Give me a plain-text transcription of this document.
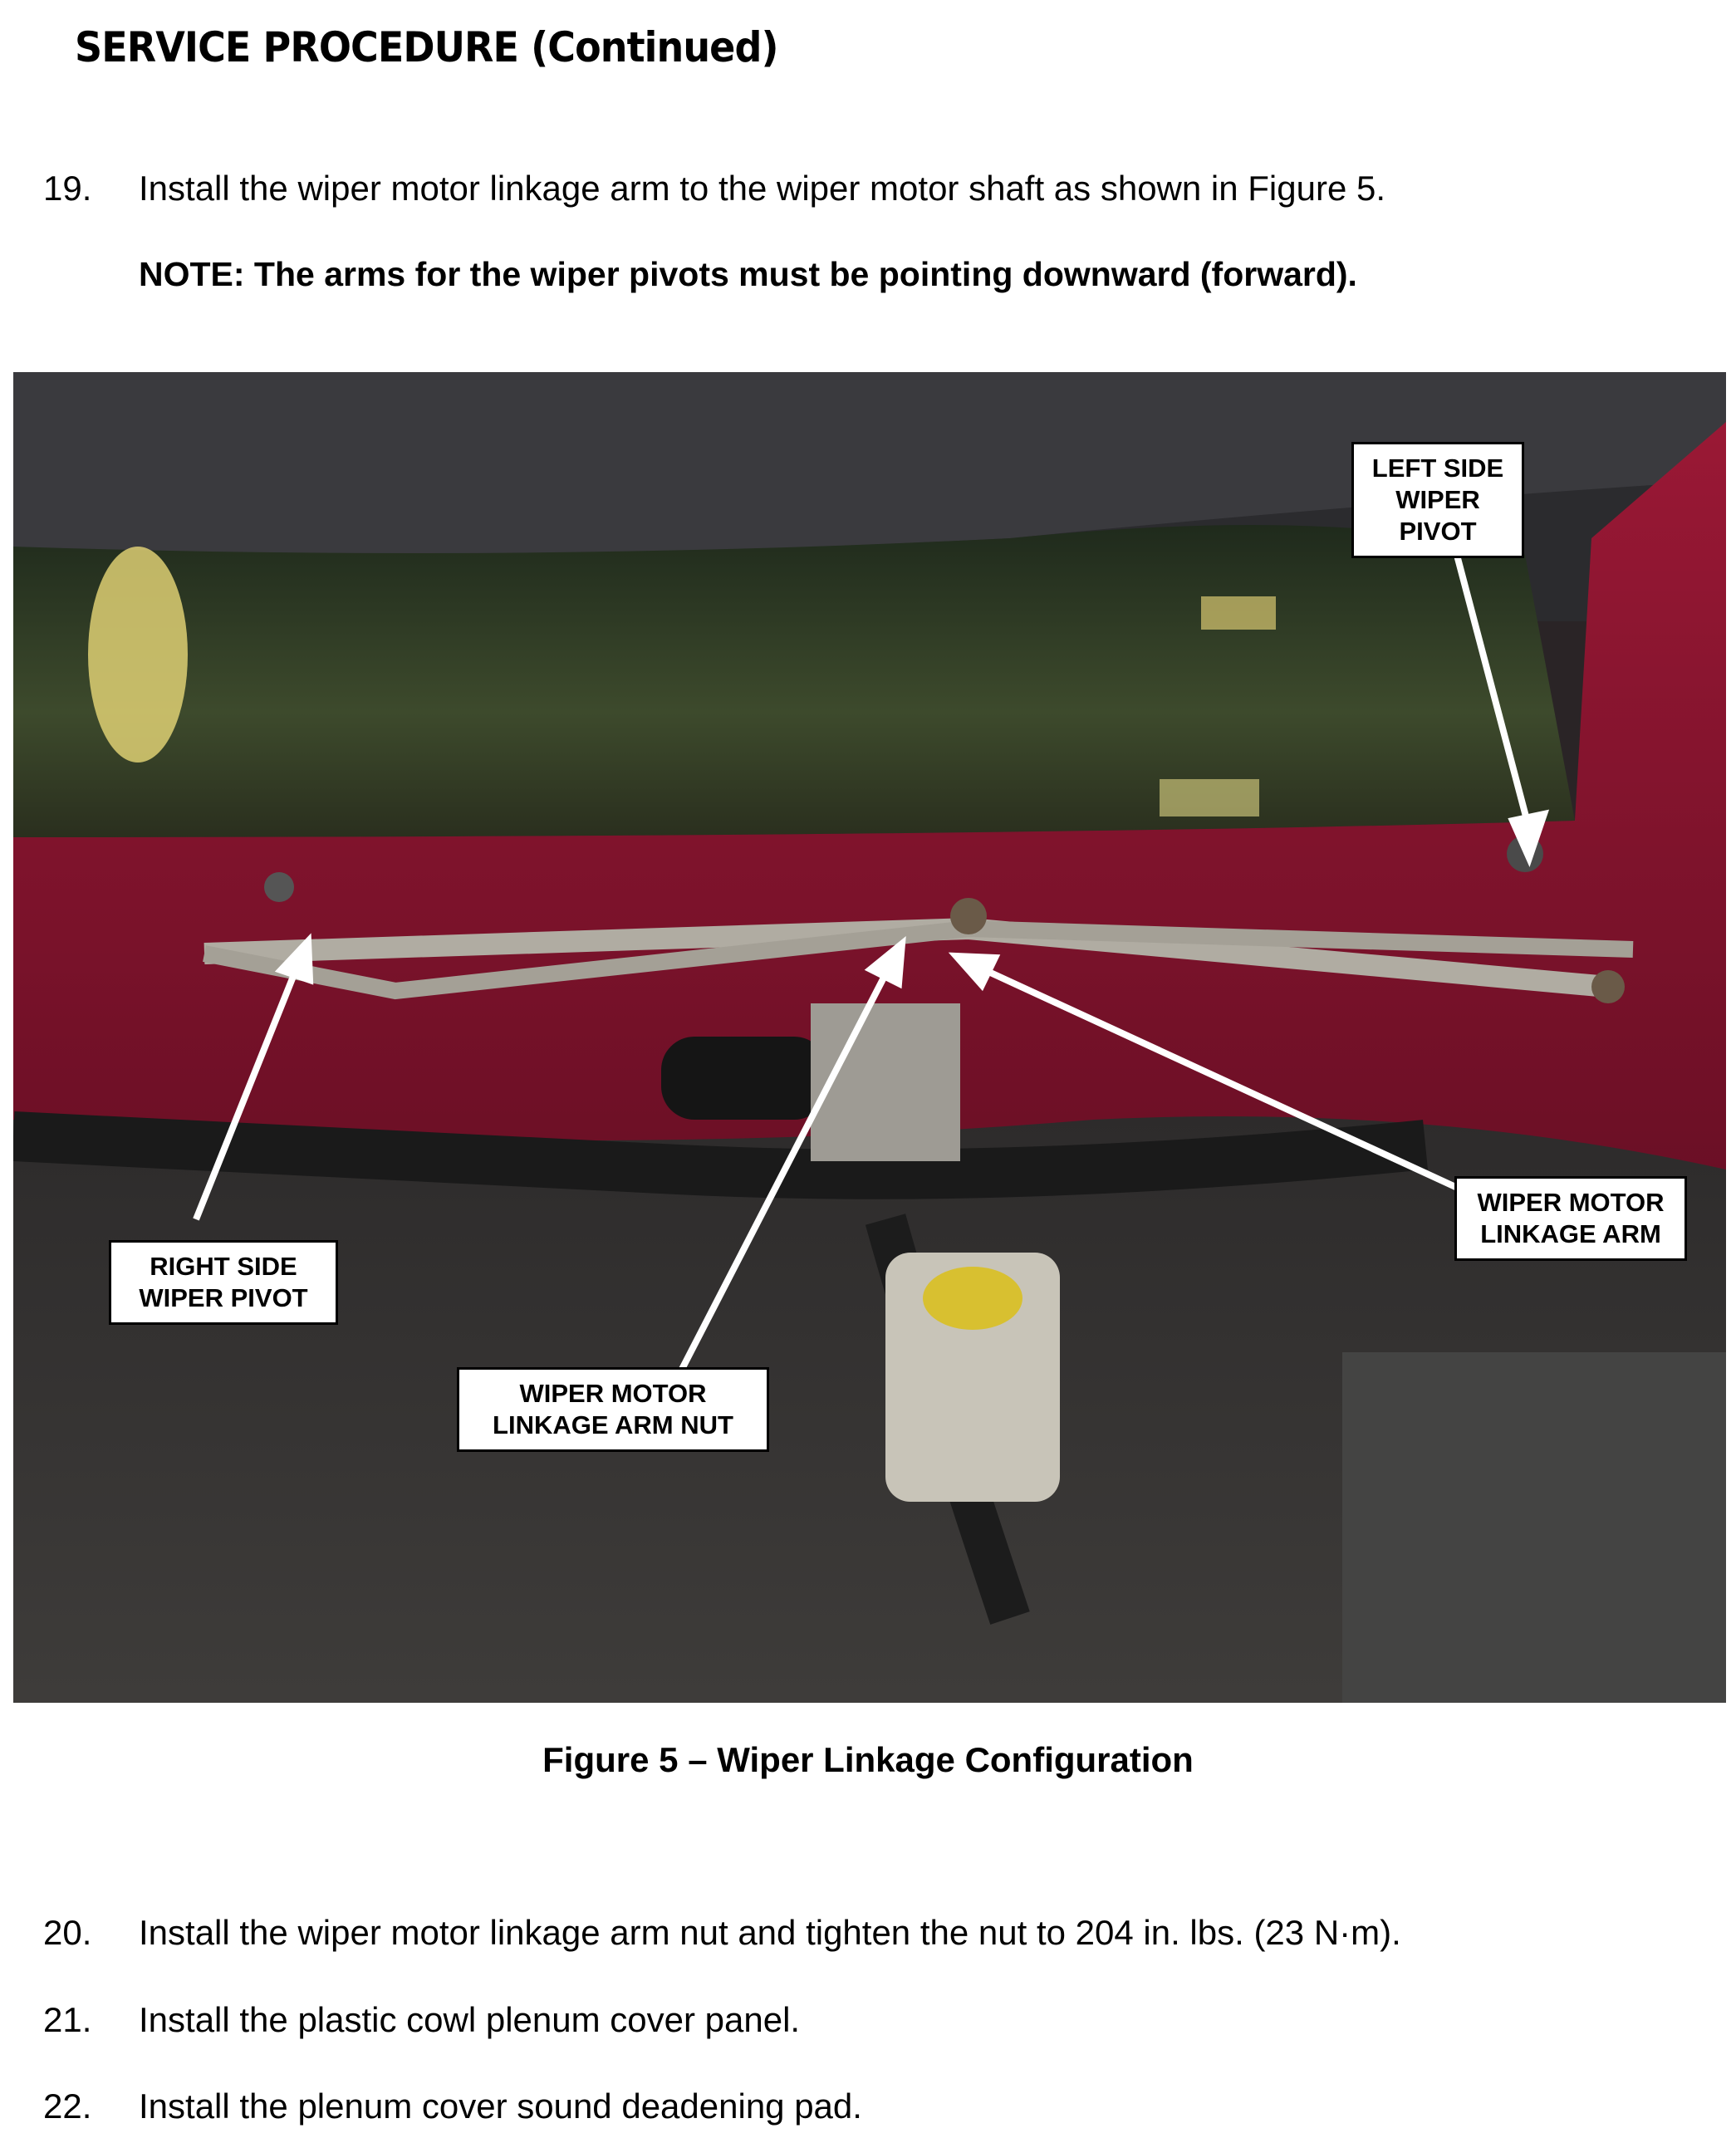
SERVICE PROCEDURE (Continued)
19.	Install the wiper motor linkage arm to the wiper motor shaft as shown in Figure 5.
NOTE: The arms for the wiper pivots must be pointing downward (forward).
LEFT SIDE
WIPER PIVOT
RIGHT SIDE
WIPER PIVOT
WIPER MOTOR
LINKAGE ARM
WIPER MOTOR
LINKAGE ARM NUT
Figure 5 – Wiper Linkage Configuration
20.	Install the wiper motor linkage arm nut and tighten the nut to 204 in. lbs. (23 N·m).
21.	Install the plastic cowl plenum cover panel.
22.	Install the plenum cover sound deadening pad.
